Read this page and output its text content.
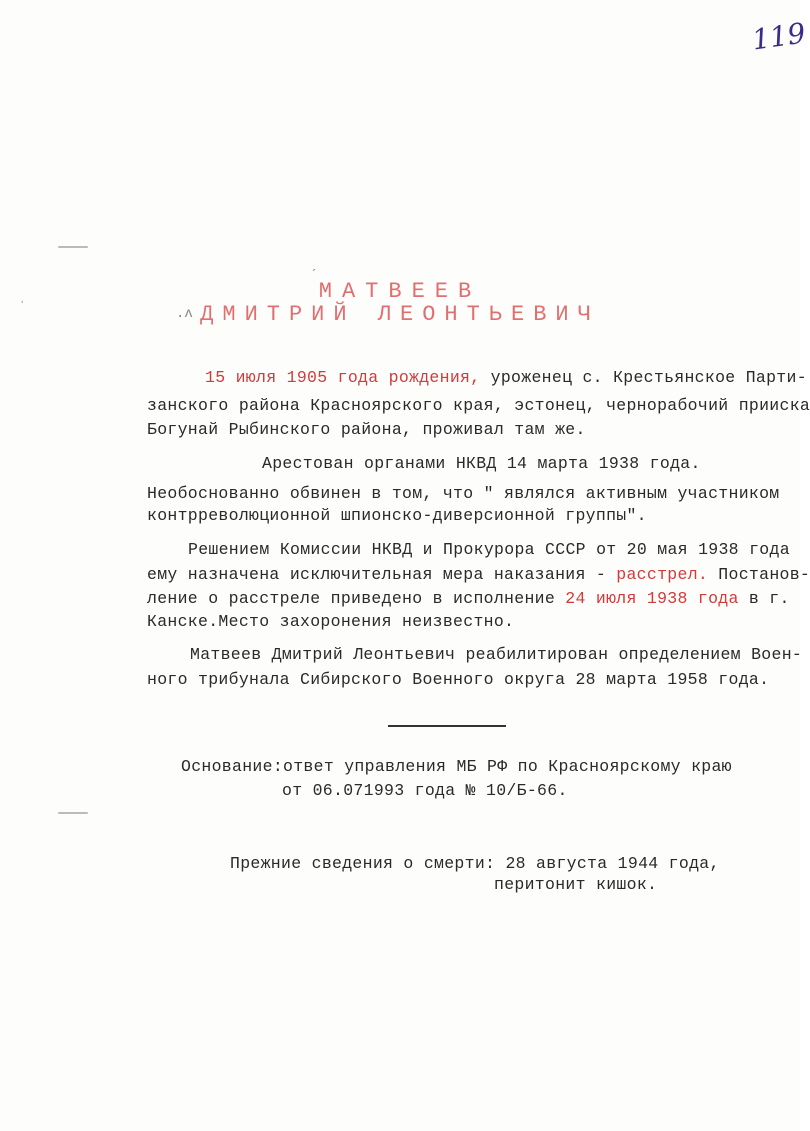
119
ˈ
ˊ
.ʌ
МАТВЕЕВ
ДМИТРИЙ ЛЕОНТЬЕВИЧ
15 июля 1905 года рождения, уроженец с. Крестьянское Парти-
занского района Красноярского края, эстонец, чернорабочий прииска
Богунай Рыбинского района, проживал там же.
Арестован органами НКВД 14 марта 1938 года.
Необоснованно обвинен в том, что " являлся активным участником
контрреволюционной шпионско-диверсионной группы".
Решением Комиссии НКВД и Прокурора СССР от 20 мая 1938 года
ему назначена исключительная мера наказания - расстрел. Постанов-
ление о расстреле приведено в исполнение 24 июля 1938 года в г.
Канске.Место захоронения неизвестно.
Матвеев Дмитрий Леонтьевич реабилитирован определением Воен-
ного трибунала Сибирского Военного округа 28 марта 1958 года.
Основание:ответ управления МБ РФ по Красноярскому краю
от 06.071993 года № 10/Б-66.
Прежние сведения о смерти: 28 августа 1944 года,
перитонит кишок.
